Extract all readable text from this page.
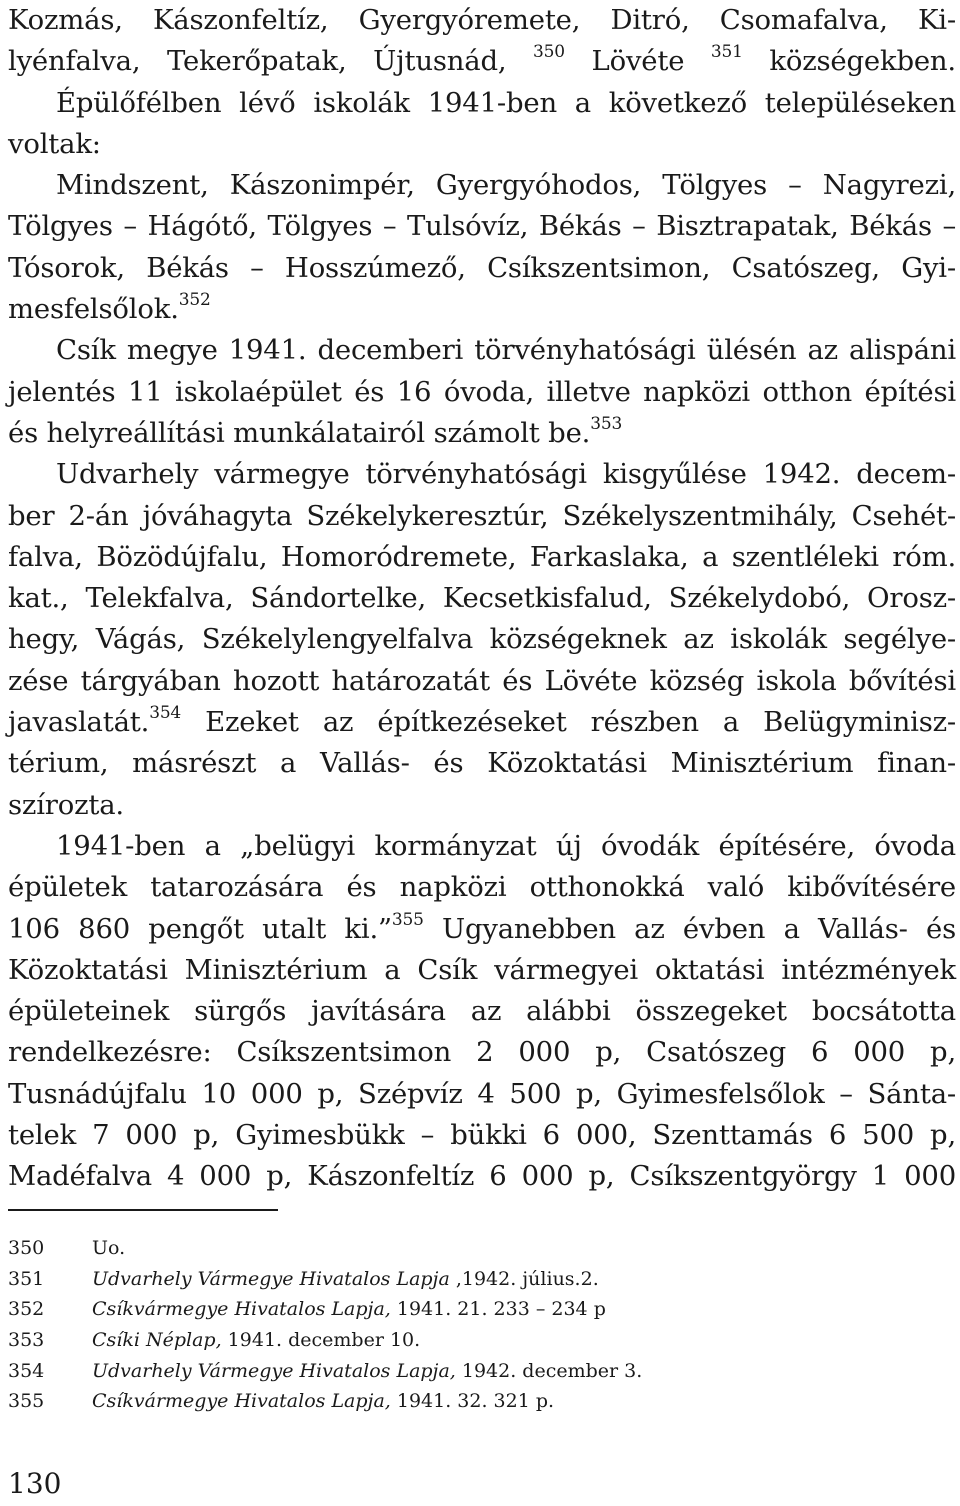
Kozmás, Kászonfeltíz, Gyergyóremete, Ditró, Csomafalva, Ki-
lyénfalva, Tekerőpatak, Újtusnád, $^{350}$ Lövéte $^{351}$ községekben.
Épülőfélben lévő iskolák 1941-ben a következő településeken
voltak:
Mindszent, Kászonimpér, Gyergyóhodos, Tölgyes – Nagyrezi,
Tölgyes – Hágótő, Tölgyes – Tulsóvíz, Békás – Bisztrapatak, Békás –
Tósorok, Békás – Hosszúmező, Csíkszentsimon, Csatószeg, Gyi-
mesfelsőlok.$^{352}$
Csík megye 1941. decemberi törvényhatósági ülésén az alispáni
jelentés 11 iskolaépület és 16 óvoda, illetve napközi otthon építési
és helyreállítási munkálatairól számolt be.$^{353}$
Udvarhely vármegye törvényhatósági kisgyűlése 1942. decem-
ber 2-án jóváhagyta Székelykeresztúr, Székelyszentmihály, Csehét-
falva, Bözödújfalu, Homoródremete, Farkaslaka, a szentléleki róm.
kat., Telekfalva, Sándortelke, Kecsetkisfalud, Székelydobó, Orosz-
hegy, Vágás, Székelylengyelfalva községeknek az iskolák segélye-
zése tárgyában hozott határozatát és Lövéte község iskola bővítési
javaslatát.$^{354}$ Ezeket az építkezéseket részben a Belügyminisz-
térium, másrészt a Vallás- és Közoktatási Minisztérium finan-
szírozta.
1941-ben a „belügyi kormányzat új óvodák építésére, óvoda
épületek tatarozására és napközi otthonokká való kibővítésére
106 860 pengőt utalt ki.”$^{355}$ Ugyanebben az évben a Vallás- és
Közoktatási Minisztérium a Csík vármegyei oktatási intézmények
épületeinek sürgős javítására az alábbi összegeket bocsátotta
rendelkezésre: Csíkszentsimon 2 000 p, Csatószeg 6 000 p,
Tusnádújfalu 10 000 p, Szépvíz 4 500 p, Gyimesfelsőlok – Sánta-
telek 7 000 p, Gyimesbükk – bükki 6 000, Szenttamás 6 500 p,
Madéfalva 4 000 p, Kászonfeltíz 6 000 p, Csíkszentgyörgy 1 000
350	Uo.
351	Udvarhely Vármegye Hivatalos Lapja ,1942. július.2.
352	Csíkvármegye Hivatalos Lapja, 1941. 21. 233 – 234 p
353	Csíki Néplap, 1941. december 10.
354	Udvarhely Vármegye Hivatalos Lapja, 1942. december 3.
355	Csíkvármegye Hivatalos Lapja, 1941. 32. 321 p.
130
